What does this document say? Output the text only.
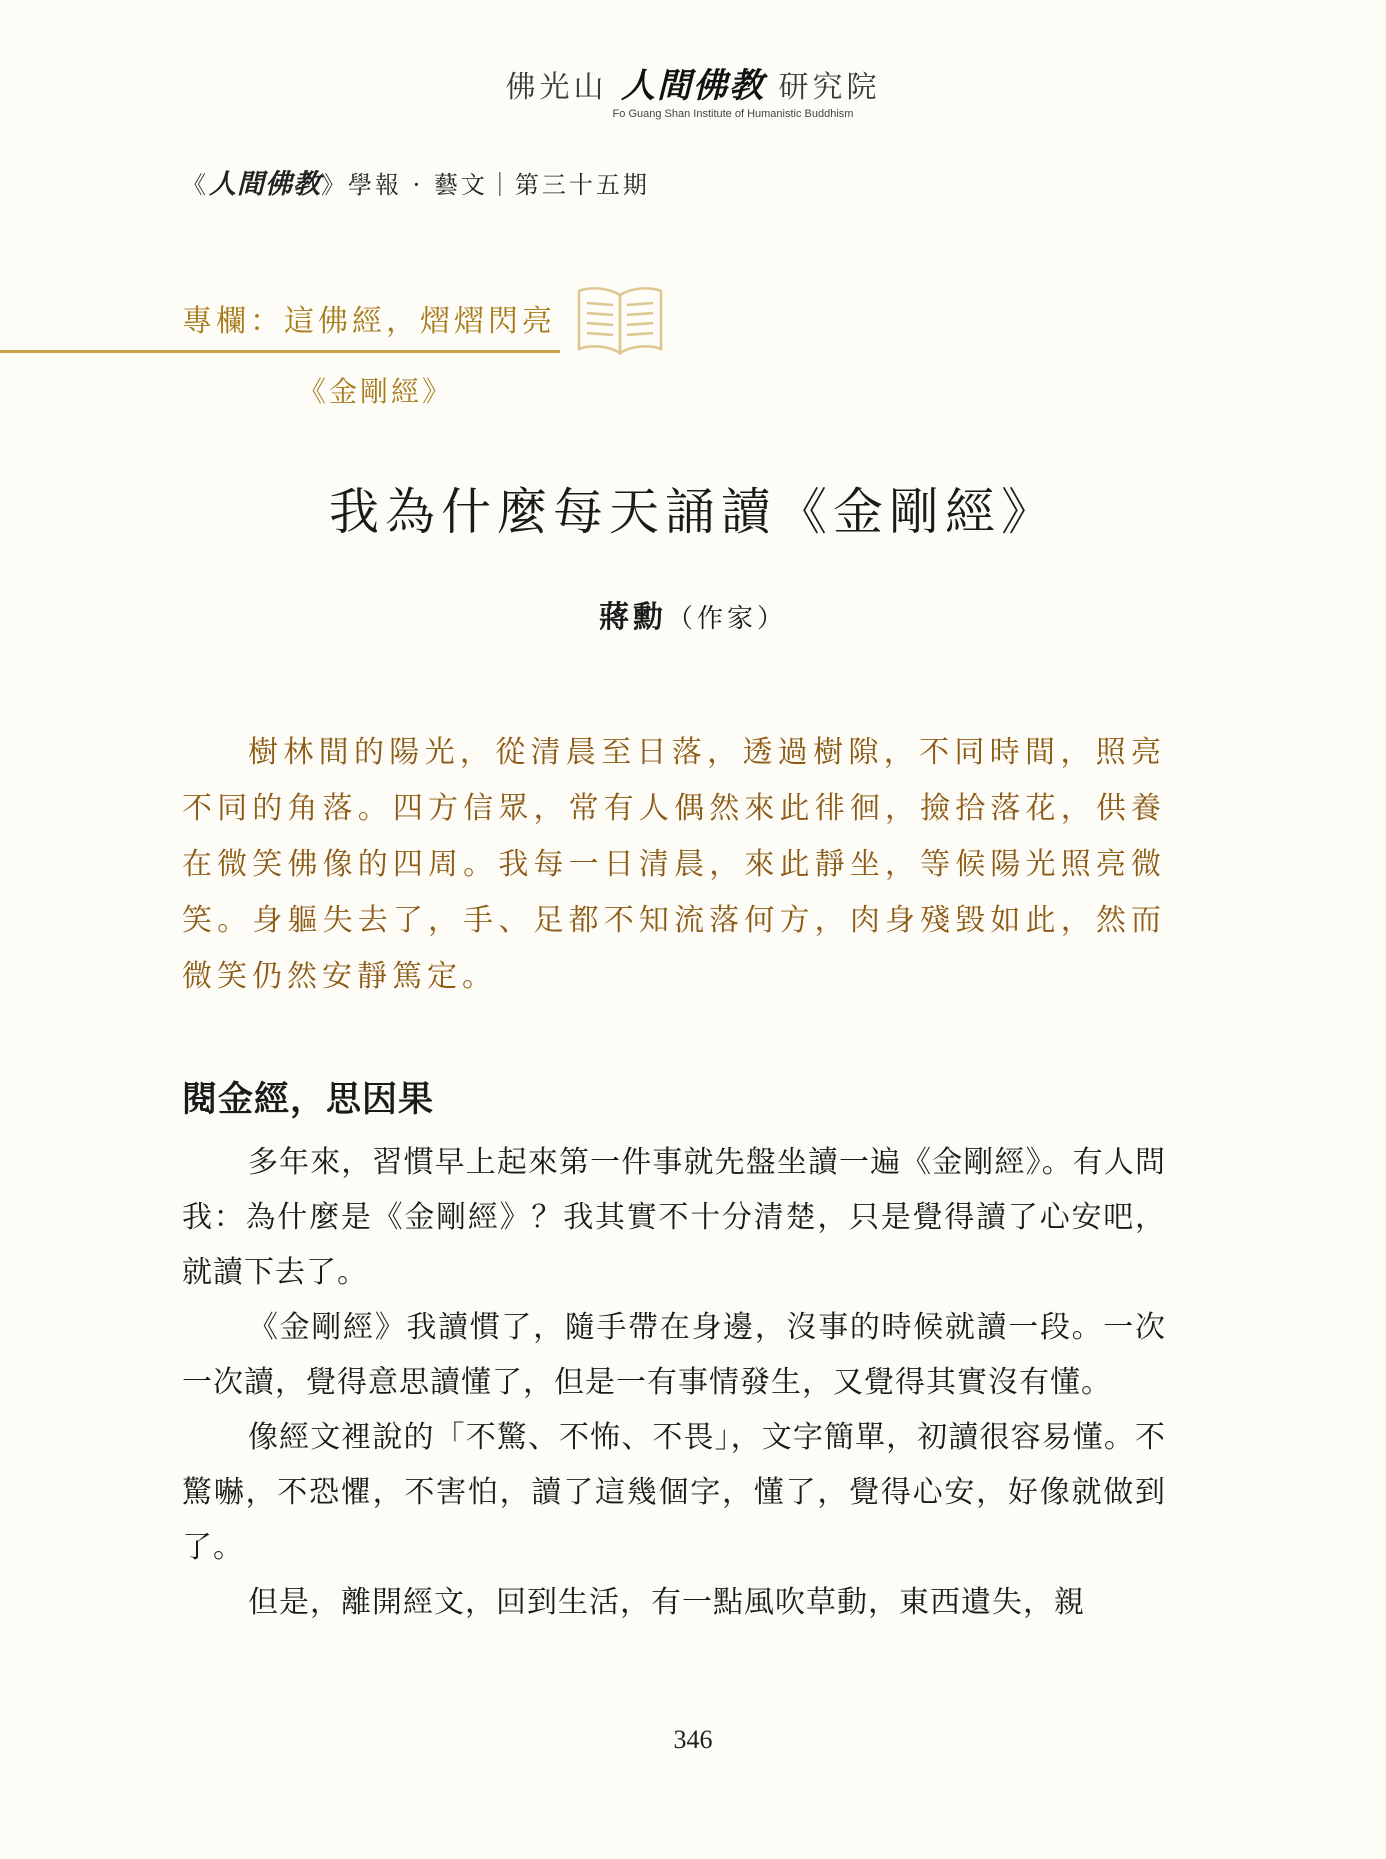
佛光山 人間佛教 研究院
Fo Guang Shan Institute of Humanistic Buddhism
《人間佛教》學報 · 藝文｜第三十五期
專欄：這佛經，熠熠閃亮
《金剛經》
我為什麼每天誦讀《金剛經》
蔣勳（作家）

樹林間的陽光，從清晨至日落，透過樹隙，不同時間，照亮不同的角落。四方信眾，常有人偶然來此徘徊，撿拾落花，供養在微笑佛像的四周。我每一日清晨，來此靜坐，等候陽光照亮微笑。身軀失去了，手、足都不知流落何方，肉身殘毀如此，然而微笑仍然安靜篤定。

閱金經，思因果

多年來，習慣早上起來第一件事就先盤坐讀一遍《金剛經》。有人問我：為什麼是《金剛經》？我其實不十分清楚，只是覺得讀了心安吧，就讀下去了。

《金剛經》我讀慣了，隨手帶在身邊，沒事的時候就讀一段。一次一次讀，覺得意思讀懂了，但是一有事情發生，又覺得其實沒有懂。

像經文裡說的「不驚、不怖、不畏」，文字簡單，初讀很容易懂。不驚嚇，不恐懼，不害怕，讀了這幾個字，懂了，覺得心安，好像就做到了。

但是，離開經文，回到生活，有一點風吹草動，東西遺失，親

346
